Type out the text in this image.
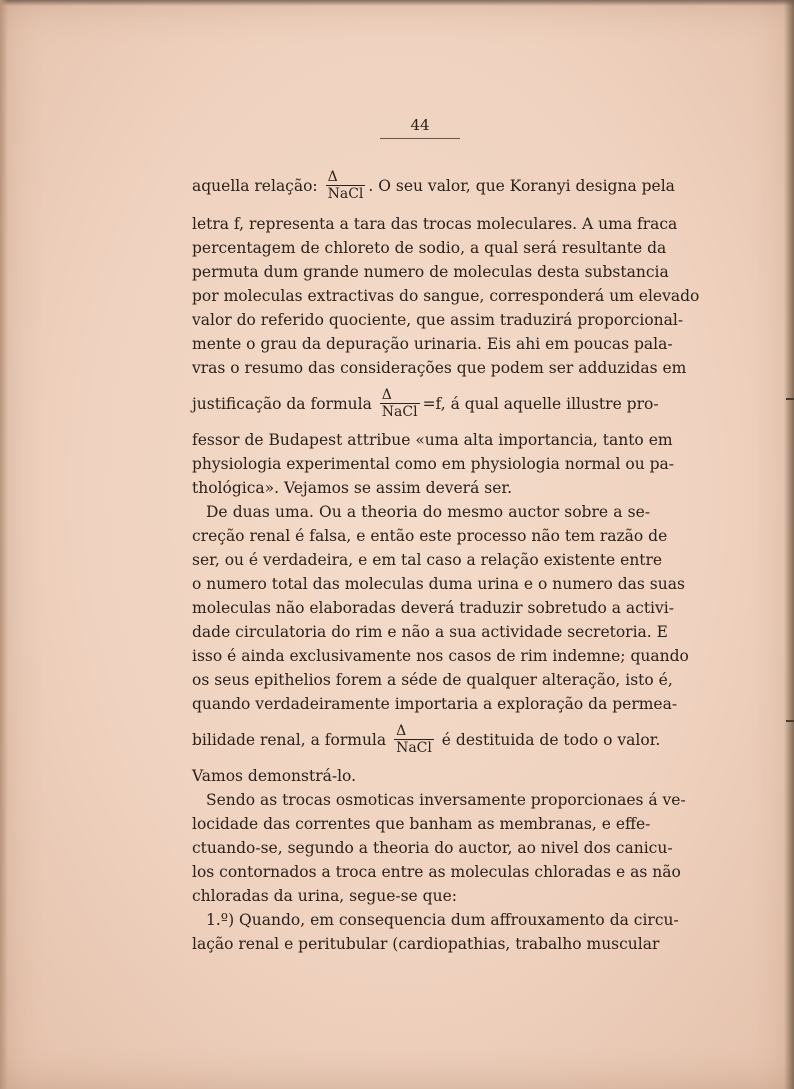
44
aquella relação: $\frac{\Delta}{\text{NaCl}}$ . O seu valor, que Koranyi designa pela
letra f, representa a tara das trocas moleculares. A uma fraca
percentagem de chloreto de sodio, a qual será resultante da
permuta dum grande numero de moleculas desta substancia
por moleculas extractivas do sangue, corresponderá um elevado
valor do referido quociente, que assim traduzirá proporcional-
mente o grau da depuração urinaria. Eis ahi em poucas pala-
vras o resumo das considerações que podem ser adduzidas em
justificação da formula $\frac{\Delta}{\text{NaCl}} =f$, á qual aquelle illustre pro-
fessor de Budapest attribue «uma alta importancia, tanto em
physiologia experimental como em physiologia normal ou pa-
thológica». Vejamos se assim deverá ser.
De duas uma. Ou a theoria do mesmo auctor sobre a se-
creção renal é falsa, e então este processo não tem razão de
ser, ou é verdadeira, e em tal caso a relação existente entre
o numero total das moleculas duma urina e o numero das suas
moleculas não elaboradas deverá traduzir sobretudo a activi-
dade circulatoria do rim e não a sua actividade secretoria. E
isso é ainda exclusivamente nos casos de rim indemne; quando
os seus epithelios forem a séde de qualquer alteração, isto é,
quando verdadeiramente importaria a exploração da permea-
bilidade renal, a formula $\frac{\Delta}{\text{NaCl}}$ é destituida de todo o valor.
Vamos demonstrá-lo.
Sendo as trocas osmoticas inversamente proporcionaes á ve-
locidade das correntes que banham as membranas, e effe-
ctuando-se, segundo a theoria do auctor, ao nivel dos canicu-
los contornados a troca entre as moleculas chloradas e as não
chloradas da urina, segue-se que:
1.º) Quando, em consequencia dum affrouxamento da circu-
lação renal e peritubular (cardiopathias, trabalho muscular
